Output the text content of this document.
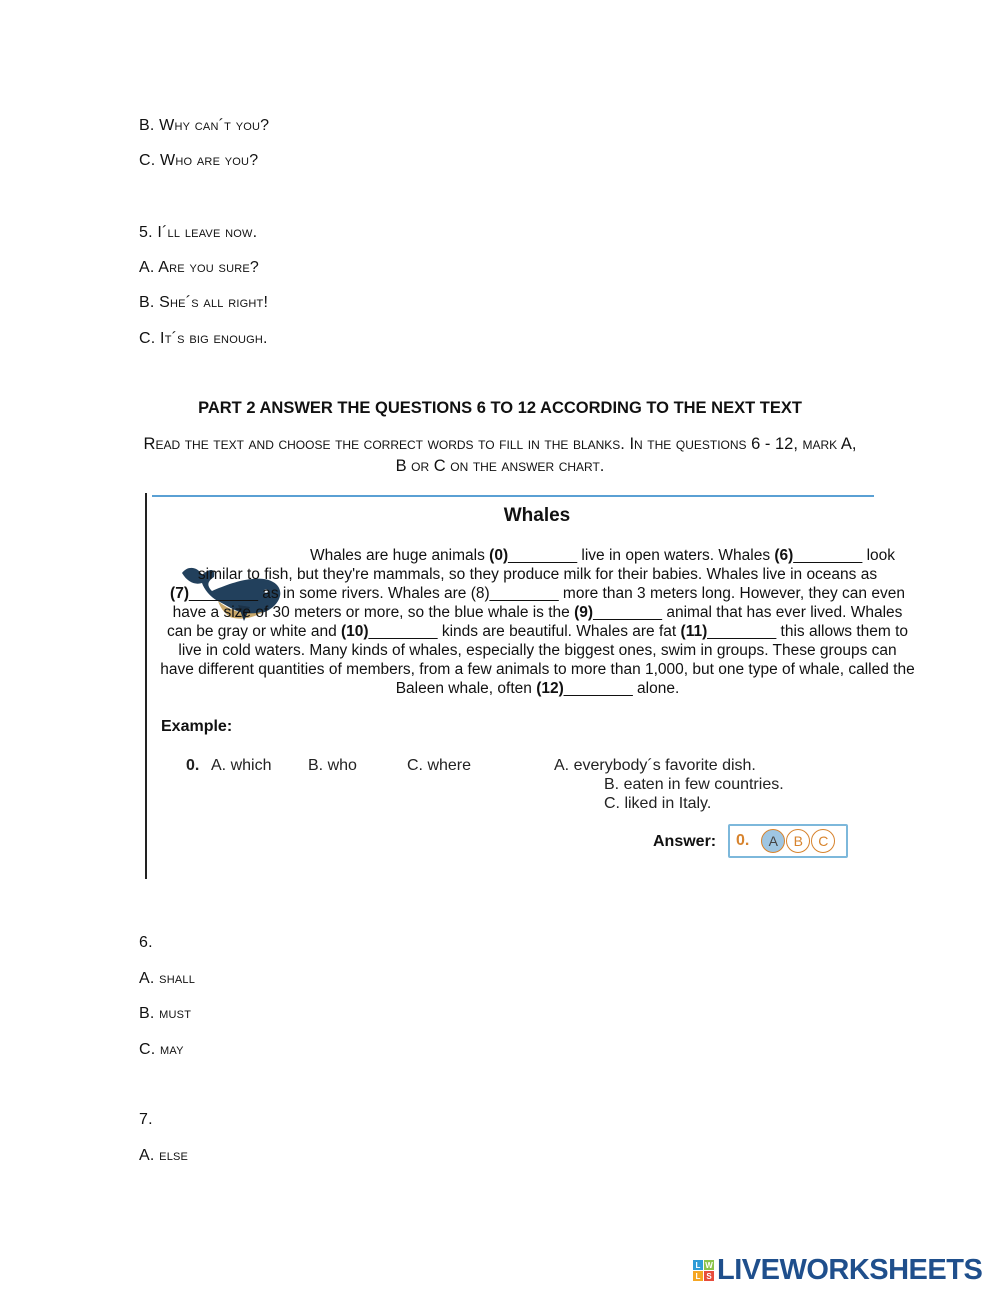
B. Why can´t you?
C. Who are you?
5. I´ll leave now.
A. Are you sure?
B. She´s all right!
C. It´s big enough.
PART 2 ANSWER THE QUESTIONS 6 TO 12 ACCORDING TO THE NEXT TEXT
Read the text and choose the correct words to fill in the blanks. In the questions 6 - 12, mark A, B or C on the answer chart.
Whales
Whales are huge animals (0)________ live in open waters. Whales (6)________ look similar to fish, but they're mammals, so they produce milk for their babies. Whales live in oceans as (7)________ as in some rivers. Whales are (8)________ more than 3 meters long. However, they can even have a size of 30 meters or more, so the blue whale is the (9)________ animal that has ever lived. Whales can be gray or white and (10)________ kinds are beautiful. Whales are fat (11)________ this allows them to live in cold waters. Many kinds of whales, especially the biggest ones, swim in groups. These groups can have different quantities of members, from a few animals to more than 1,000, but one type of whale, called the Baleen whale, often (12)________ alone.
Example:
0. A. which B. who	C. where	A. everybody´s favorite dish.
B. eaten in few countries.
C. liked in Italy.
Answer: 0.	A	B	C
6.
A. shall
B. must
C. may
7.
A. else
L W
L S LIVEWORKSHEETS
